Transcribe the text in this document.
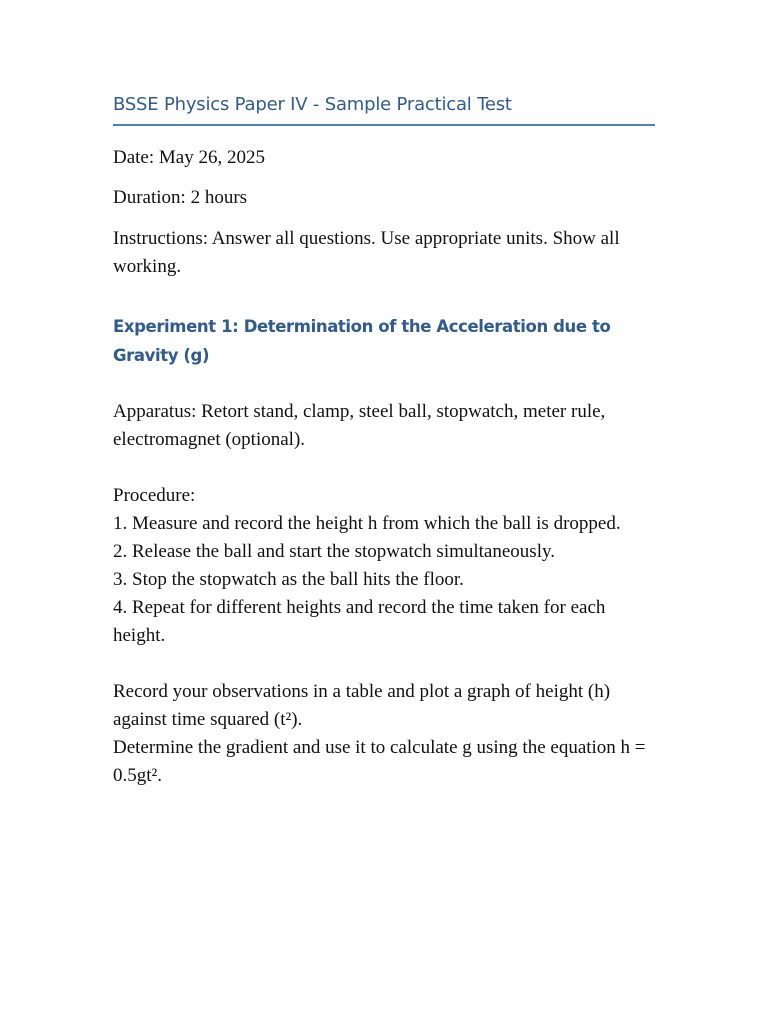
BSSE Physics Paper IV - Sample Practical Test

Date: May 26, 2025

Duration: 2 hours

Instructions: Answer all questions. Use appropriate units. Show all working.

Experiment 1: Determination of the Acceleration due to Gravity (g)

Apparatus: Retort stand, clamp, steel ball, stopwatch, meter rule, electromagnet (optional).

Procedure:
1. Measure and record the height h from which the ball is dropped.
2. Release the ball and start the stopwatch simultaneously.
3. Stop the stopwatch as the ball hits the floor.
4. Repeat for different heights and record the time taken for each height.
Record your observations in a table and plot a graph of height (h) against time squared (t²).
Determine the gradient and use it to calculate g using the equation h = 0.5gt².
